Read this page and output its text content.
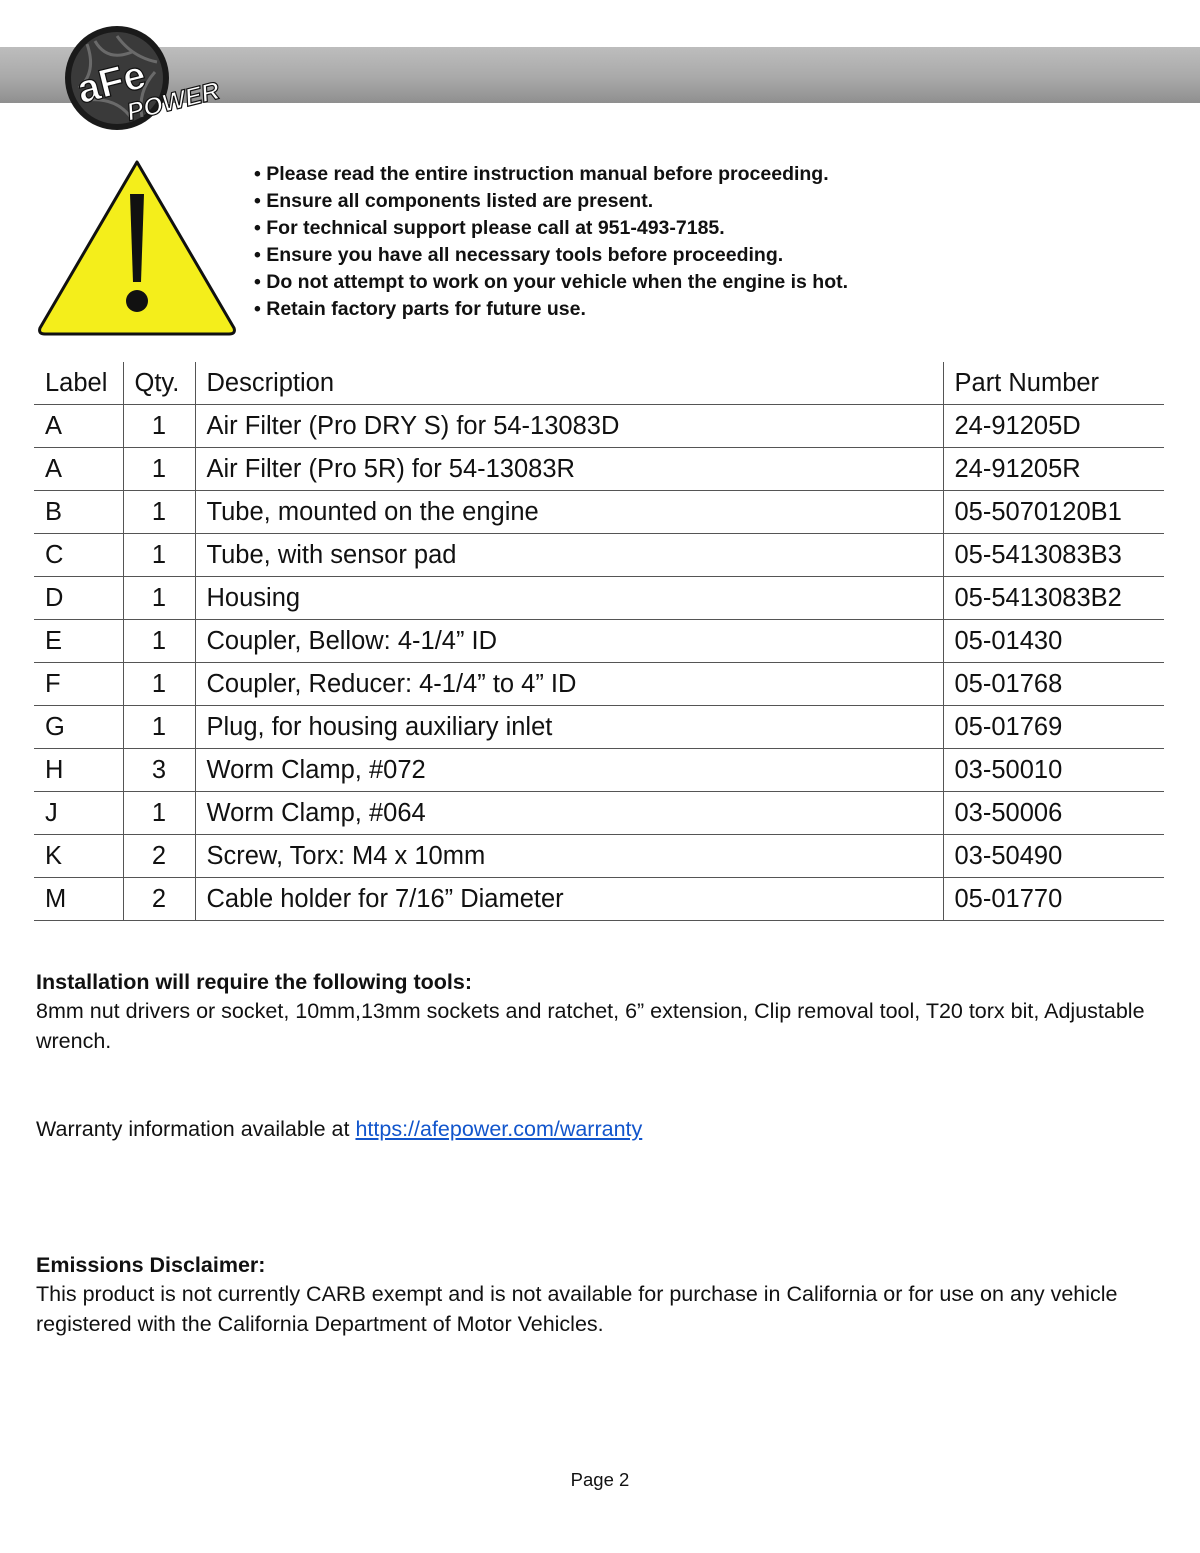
aFe
POWER
• Please read the entire instruction manual before proceeding.
• Ensure all components listed are present.
• For technical support please call at 951-493-7185.
• Ensure you have all necessary tools before proceeding.
• Do not attempt to work on your vehicle when the engine is hot.
• Retain factory parts for future use.
Label	Qty.	Description	Part Number
A	1	Air Filter (Pro DRY S) for 54-13083D	24-91205D
A	1	Air Filter (Pro 5R) for 54-13083R	24-91205R
B	1	Tube, mounted on the engine	05-5070120B1
C	1	Tube, with sensor pad	05-5413083B3
D	1	Housing	05-5413083B2
E	1	Coupler, Bellow: 4-1/4” ID	05-01430
F	1	Coupler, Reducer: 4-1/4” to 4” ID	05-01768
G	1	Plug, for housing auxiliary inlet	05-01769
H	3	Worm Clamp, #072	03-50010
J	1	Worm Clamp, #064	03-50006
K	2	Screw, Torx: M4 x 10mm	03-50490
M	2	Cable holder for 7/16” Diameter	05-01770

Installation will require the following tools:

8mm nut drivers or socket, 10mm,13mm sockets and ratchet, 6” extension, Clip removal tool, T20 torx bit, Adjustable wrench.

Warranty information available at https://afepower.com/warranty

Emissions Disclaimer:

This product is not currently CARB exempt and is not available for purchase in California or for use on any vehicle registered with the California Department of Motor Vehicles.

Page 2
